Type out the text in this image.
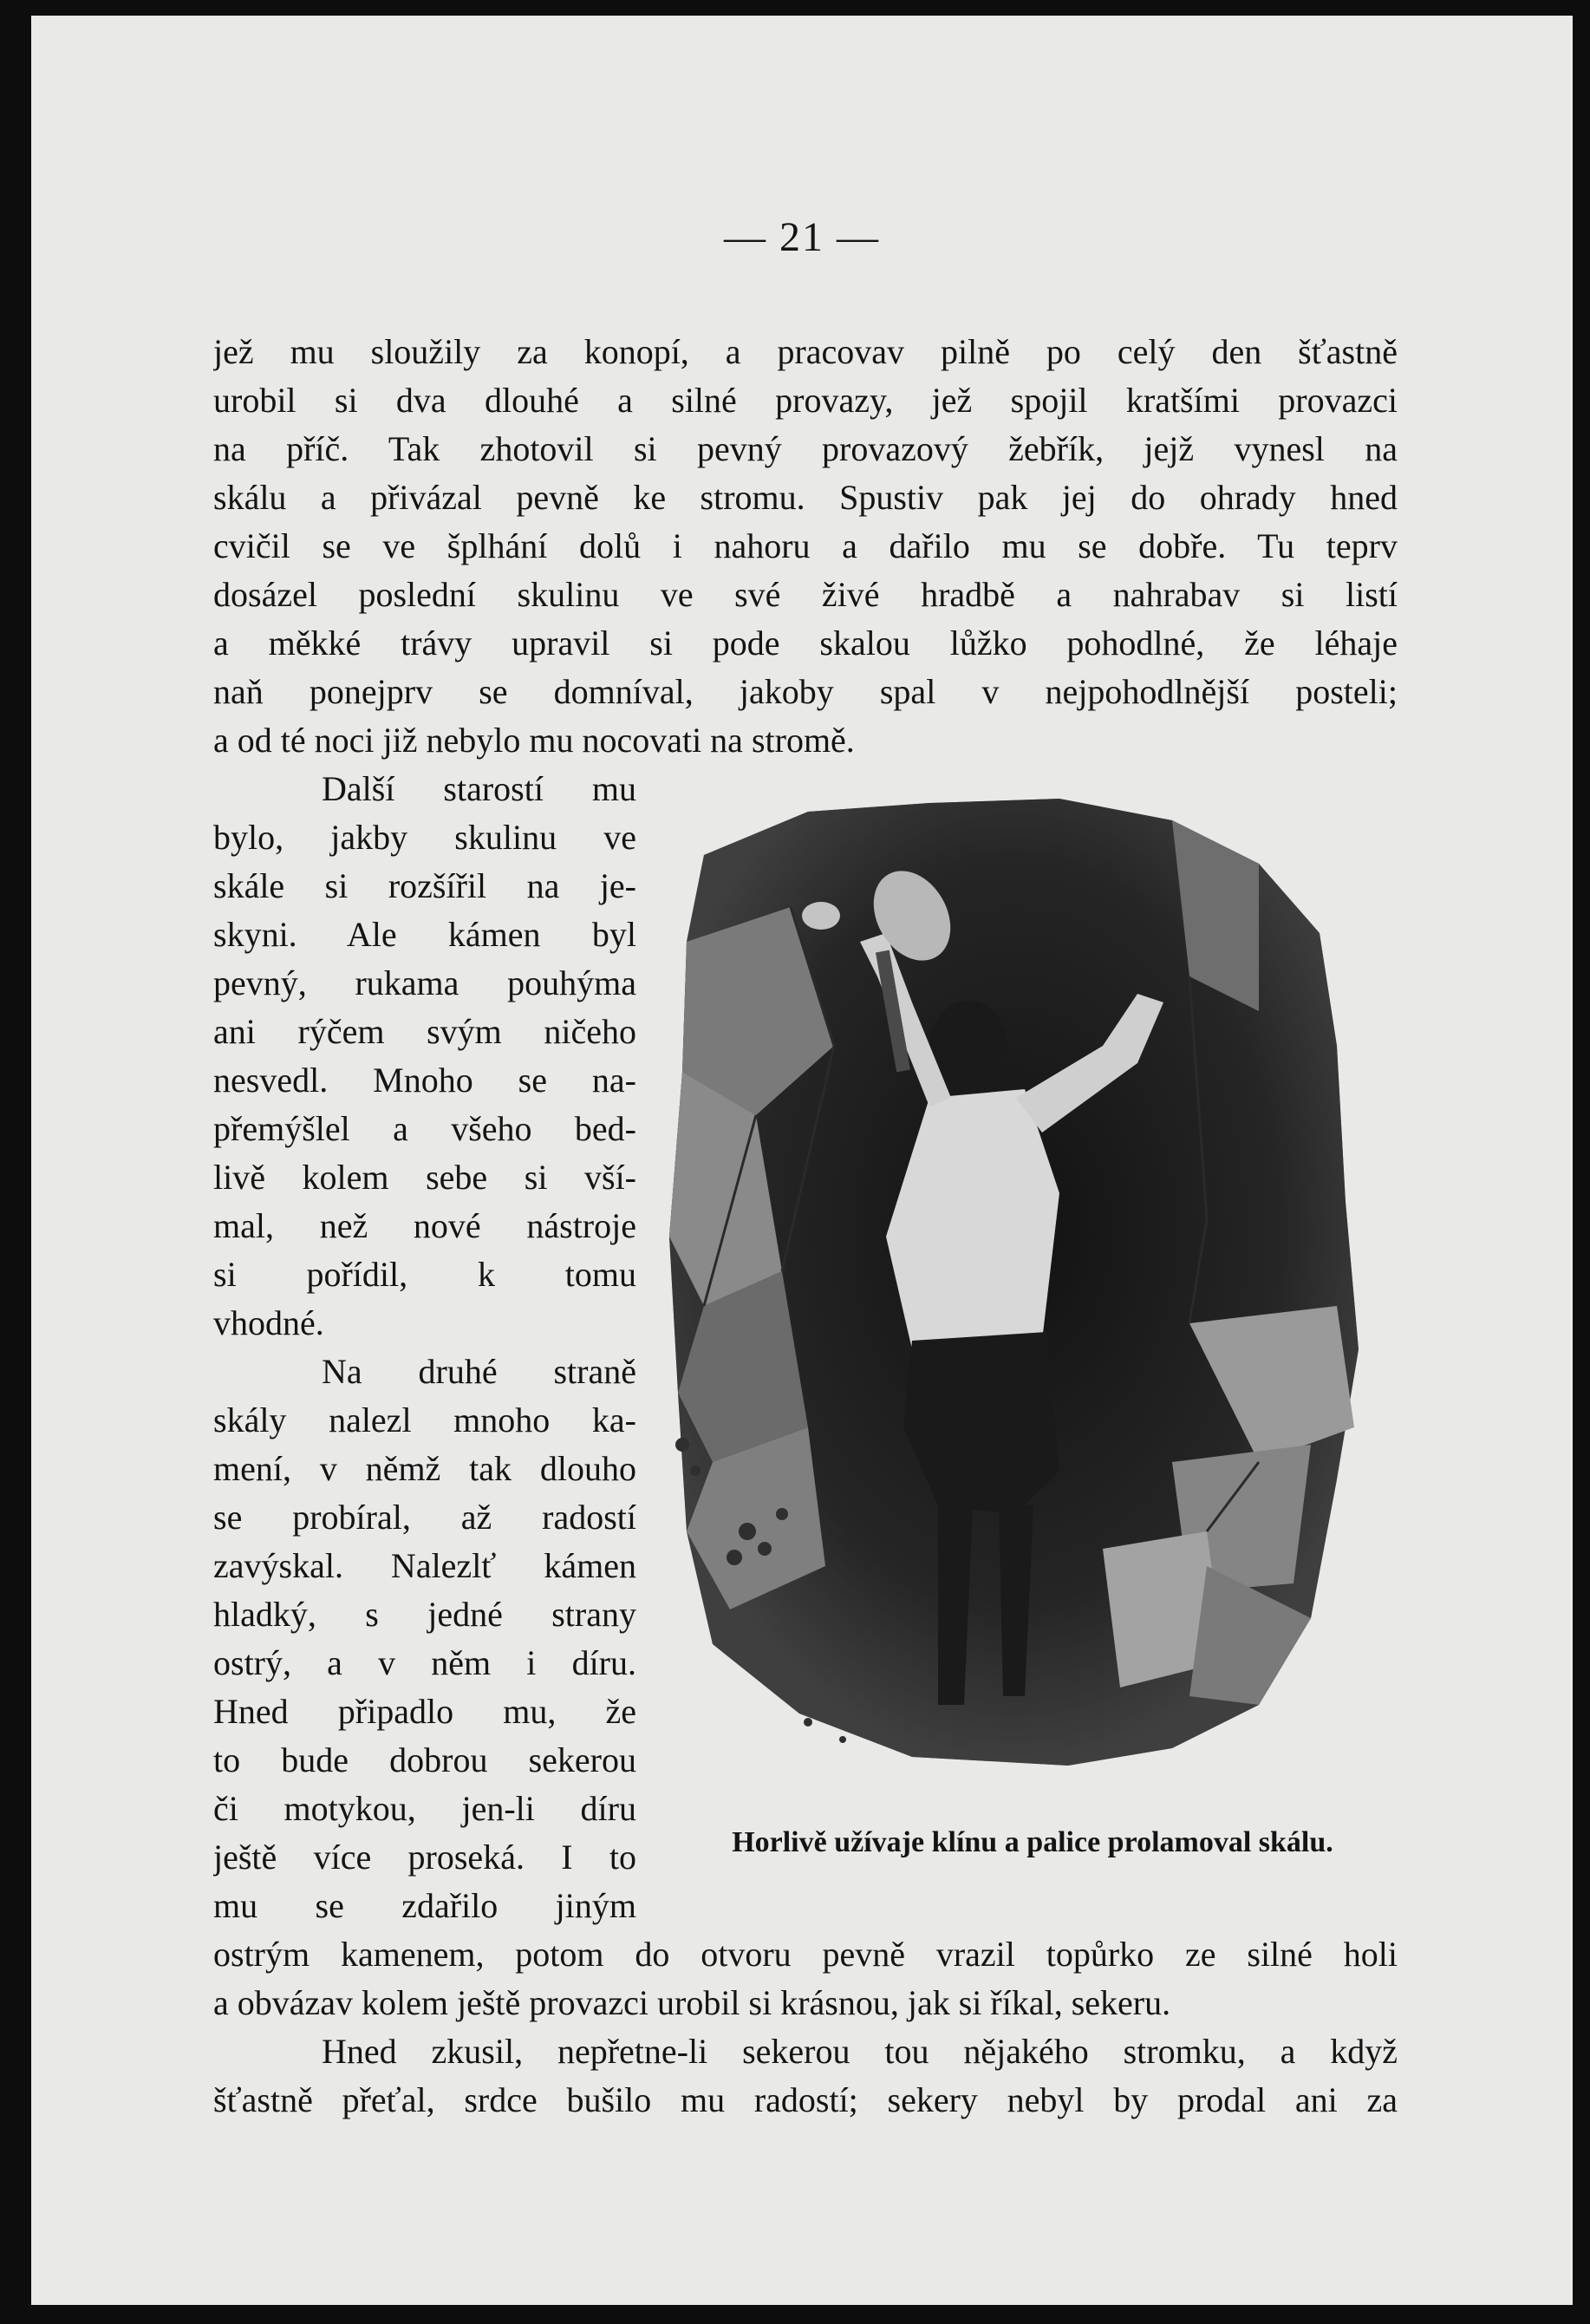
— 21 —
jež mu sloužily za konopí, a pracovav pilně po celý den šťastně
urobil si dva dlouhé a silné provazy, jež spojil kratšími provazci
na příč. Tak zhotovil si pevný provazový žebřík, jejž vynesl na
skálu a přivázal pevně ke stromu. Spustiv pak jej do ohrady hned
cvičil se ve šplhání dolů i nahoru a dařilo mu se dobře. Tu teprv
dosázel poslední skulinu ve své živé hradbě a nahrabav si listí
a měkké trávy upravil si pode skalou lůžko pohodlné, že léhaje
naň ponejprv se domníval, jakoby spal v nejpohodlnější posteli;
a od té noci již nebylo mu nocovati na stromě.
Další starostí mu
bylo, jakby skulinu ve
skále si rozšířil na je-
skyni. Ale kámen byl
pevný, rukama pouhýma
ani rýčem svým ničeho
nesvedl. Mnoho se na-
přemýšlel a všeho bed-
livě kolem sebe si vší-
mal, než nové nástroje
si pořídil, k tomu
vhodné.
Na druhé straně
skály nalezl mnoho ka-
mení, v němž tak dlouho
se probíral, až radostí
zavýskal. Nalezlť kámen
hladký, s jedné strany
ostrý, a v něm i díru.
Hned připadlo mu, že
to bude dobrou sekerou
či motykou, jen-li díru
ještě více proseká. I to
mu se zdařilo jiným
Horlivě užívaje klínu a palice prolamoval skálu.
ostrým kamenem, potom do otvoru pevně vrazil topůrko ze silné holi
a obvázav kolem ještě provazci urobil si krásnou, jak si říkal, sekeru.
Hned zkusil, nepřetne-li sekerou tou nějakého stromku, a když
šťastně přeťal, srdce bušilo mu radostí; sekery nebyl by prodal ani za
